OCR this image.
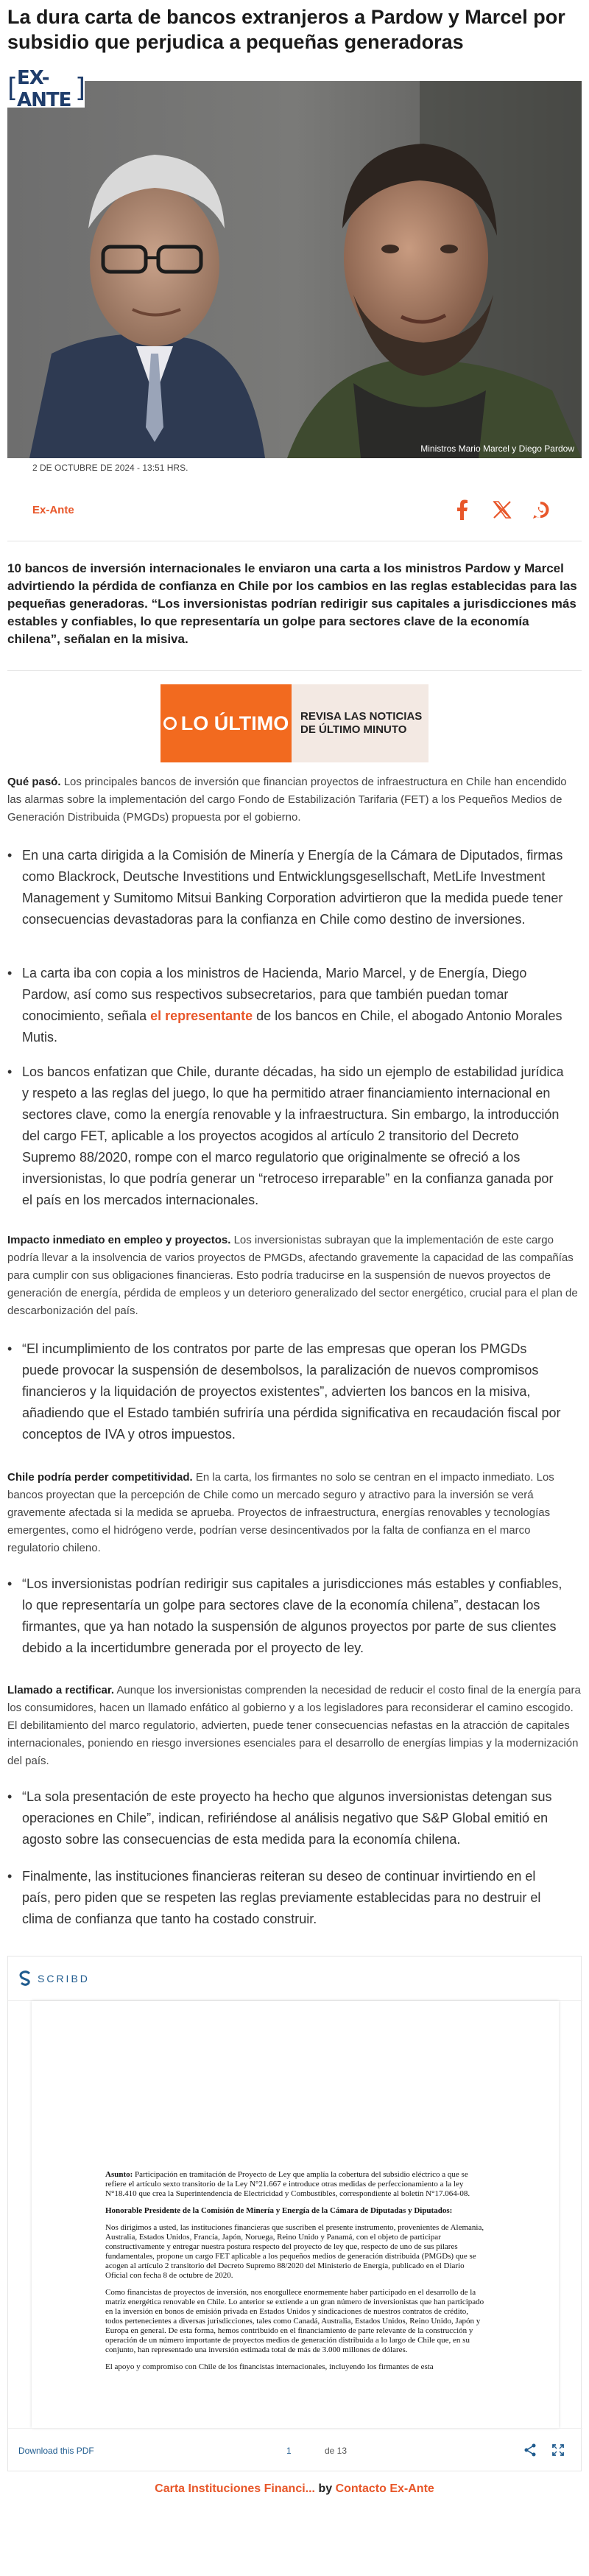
La dura carta de bancos extranjeros a Pardow y Marcel por subsidio que perjudica a pequeñas generadoras
Ministros Mario Marcel y Diego Pardow
[ EX-ANTE ]
2 DE OCTUBRE DE 2024 - 13:51 HRS.
Ex-Ante

10 bancos de inversión internacionales le enviaron una carta a los ministros Pardow y Marcel advirtiendo la pérdida de confianza en Chile por los cambios en las reglas establecidas para las pequeñas generadoras. “Los inversionistas podrían redirigir sus capitales a jurisdicciones más estables y confiables, lo que representaría un golpe para sectores clave de la economía chilena”, señalan en la misiva.

LO ÚLTIMO REVISA LAS NOTICIAS
DE ÚLTIMO MINUTO

Qué pasó. Los principales bancos de inversión que financian proyectos de infraestructura en Chile han encendido las alarmas sobre la implementación del cargo Fondo de Estabilización Tarifaria (FET) a los Pequeños Medios de Generación Distribuida (PMGDs) propuesta por el gobierno.

• En una carta dirigida a la Comisión de Minería y Energía de la Cámara de Diputados, firmas como Blackrock, Deutsche Investitions und Entwicklungsgesellschaft, MetLife Investment Management y Sumitomo Mitsui Banking Corporation advirtieron que la medida puede tener consecuencias devastadoras para la confianza en Chile como destino de inversiones.

• La carta iba con copia a los ministros de Hacienda, Mario Marcel, y de Energía, Diego Pardow, así como sus respectivos subsecretarios, para que también puedan tomar conocimiento, señala el representante de los bancos en Chile, el abogado Antonio Morales Mutis.

• Los bancos enfatizan que Chile, durante décadas, ha sido un ejemplo de estabilidad jurídica y respeto a las reglas del juego, lo que ha permitido atraer financiamiento internacional en sectores clave, como la energía renovable y la infraestructura. Sin embargo, la introducción del cargo FET, aplicable a los proyectos acogidos al artículo 2 transitorio del Decreto Supremo 88/2020, rompe con el marco regulatorio que originalmente se ofreció a los inversionistas, lo que podría generar un “retroceso irreparable” en la confianza ganada por el país en los mercados internacionales.

Impacto inmediato en empleo y proyectos. Los inversionistas subrayan que la implementación de este cargo podría llevar a la insolvencia de varios proyectos de PMGDs, afectando gravemente la capacidad de las compañías para cumplir con sus obligaciones financieras. Esto podría traducirse en la suspensión de nuevos proyectos de generación de energía, pérdida de empleos y un deterioro generalizado del sector energético, crucial para el plan de descarbonización del país.

• “El incumplimiento de los contratos por parte de las empresas que operan los PMGDs puede provocar la suspensión de desembolsos, la paralización de nuevos compromisos financieros y la liquidación de proyectos existentes”, advierten los bancos en la misiva, añadiendo que el Estado también sufriría una pérdida significativa en recaudación fiscal por conceptos de IVA y otros impuestos.

Chile podría perder competitividad. En la carta, los firmantes no solo se centran en el impacto inmediato. Los bancos proyectan que la percepción de Chile como un mercado seguro y atractivo para la inversión se verá gravemente afectada si la medida se aprueba. Proyectos de infraestructura, energías renovables y tecnologías emergentes, como el hidrógeno verde, podrían verse desincentivados por la falta de confianza en el marco regulatorio chileno.

• “Los inversionistas podrían redirigir sus capitales a jurisdicciones más estables y confiables, lo que representaría un golpe para sectores clave de la economía chilena”, destacan los firmantes, que ya han notado la suspensión de algunos proyectos por parte de sus clientes debido a la incertidumbre generada por el proyecto de ley.

Llamado a rectificar. Aunque los inversionistas comprenden la necesidad de reducir el costo final de la energía para los consumidores, hacen un llamado enfático al gobierno y a los legisladores para reconsiderar el camino escogido. El debilitamiento del marco regulatorio, advierten, puede tener consecuencias nefastas en la atracción de capitales internacionales, poniendo en riesgo inversiones esenciales para el desarrollo de energías limpias y la modernización del país.

• “La sola presentación de este proyecto ha hecho que algunos inversionistas detengan sus operaciones en Chile”, indican, refiriéndose al análisis negativo que S&P Global emitió en agosto sobre las consecuencias de esta medida para la economía chilena.

• Finalmente, las instituciones financieras reiteran su deseo de continuar invirtiendo en el país, pero piden que se respeten las reglas previamente establecidas para no destruir el clima de confianza que tanto ha costado construir.

SCRIBD

Asunto: Participación en tramitación de Proyecto de Ley que amplía la cobertura del subsidio eléctrico a que se refiere el artículo sexto transitorio de la Ley N°21.667 e introduce otras medidas de perfeccionamiento a la ley N°18.410 que crea la Superintendencia de Electricidad y Combustibles, correspondiente al boletín N°17.064-08.

Honorable Presidente de la Comisión de Minería y Energía de la Cámara de Diputadas y Diputados:

Nos dirigimos a usted, las instituciones financieras que suscriben el presente instrumento, provenientes de Alemania, Australia, Estados Unidos, Francia, Japón, Noruega, Reino Unido y Panamá, con el objeto de participar constructivamente y entregar nuestra postura respecto del proyecto de ley que, respecto de uno de sus pilares fundamentales, propone un cargo FET aplicable a los pequeños medios de generación distribuida (PMGDs) que se acogen al artículo 2 transitorio del Decreto Supremo 88/2020 del Ministerio de Energía, publicado en el Diario Oficial con fecha 8 de octubre de 2020.

Como financistas de proyectos de inversión, nos enorgullece enormemente haber participado en el desarrollo de la matriz energética renovable en Chile. Lo anterior se extiende a un gran número de inversionistas que han participado en la inversión en bonos de emisión privada en Estados Unidos y sindicaciones de nuestros contratos de crédito, todos pertenecientes a diversas jurisdicciones, tales como Canadá, Australia, Estados Unidos, Reino Unido, Japón y Europa en general. De esta forma, hemos contribuido en el financiamiento de parte relevante de la construcción y operación de un número importante de proyectos medios de generación distribuida a lo largo de Chile que, en su conjunto, han representado una inversión estimada total de más de 3.000 millones de dólares.

El apoyo y compromiso con Chile de los financistas internacionales, incluyendo los firmantes de esta

Download this PDF	1	de 13
Carta Instituciones Financi... by Contacto Ex-Ante
